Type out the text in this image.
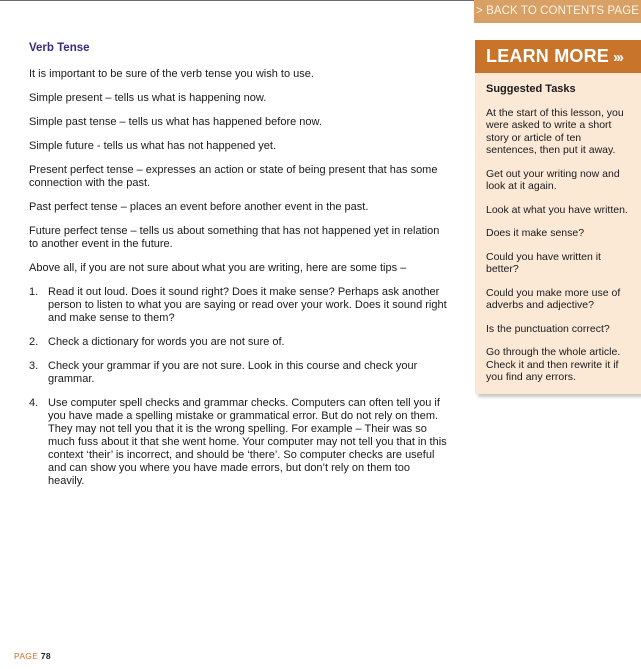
> BACK TO CONTENTS PAGE
Verb Tense

It is important to be sure of the verb tense you wish to use.

Simple present – tells us what is happening now.

Simple past tense – tells us what has happened before now.

Simple future - tells us what has not happened yet.

Present perfect tense – expresses an action or state of being present that has some connection with the past.

Past perfect tense – places an event before another event in the past.

Future perfect tense – tells us about something that has not happened yet in relation to another event in the future.

Above all, if you are not sure about what you are writing, here are some tips –

1. Read it out loud. Does it sound right? Does it make sense? Perhaps ask another person to listen to what you are saying or read over your work. Does it sound right and make sense to them?
2. Check a dictionary for words you are not sure of.
3. Check your grammar if you are not sure. Look in this course and check your grammar.
4. Use computer spell checks and grammar checks. Computers can often tell you if you have made a spelling mistake or grammatical error. But do not rely on them. They may not tell you that it is the wrong spelling. For example – Their was so much fuss about it that she went home. Your computer may not tell you that in this context ‘their’ is incorrect, and should be ‘there’. So computer checks are useful and can show you where you have made errors, but don’t rely on them too heavily.
LEARN MORE ›››
Suggested Tasks

At the start of this lesson, you were asked to write a short story or article of ten sentences, then put it away.

Get out your writing now and look at it again.

Look at what you have written.

Does it make sense?

Could you have written it better?

Could you make more use of adverbs and adjective?

Is the punctuation correct?

Go through the whole article. Check it and then rewrite it if you find any errors.

PAGE 78
